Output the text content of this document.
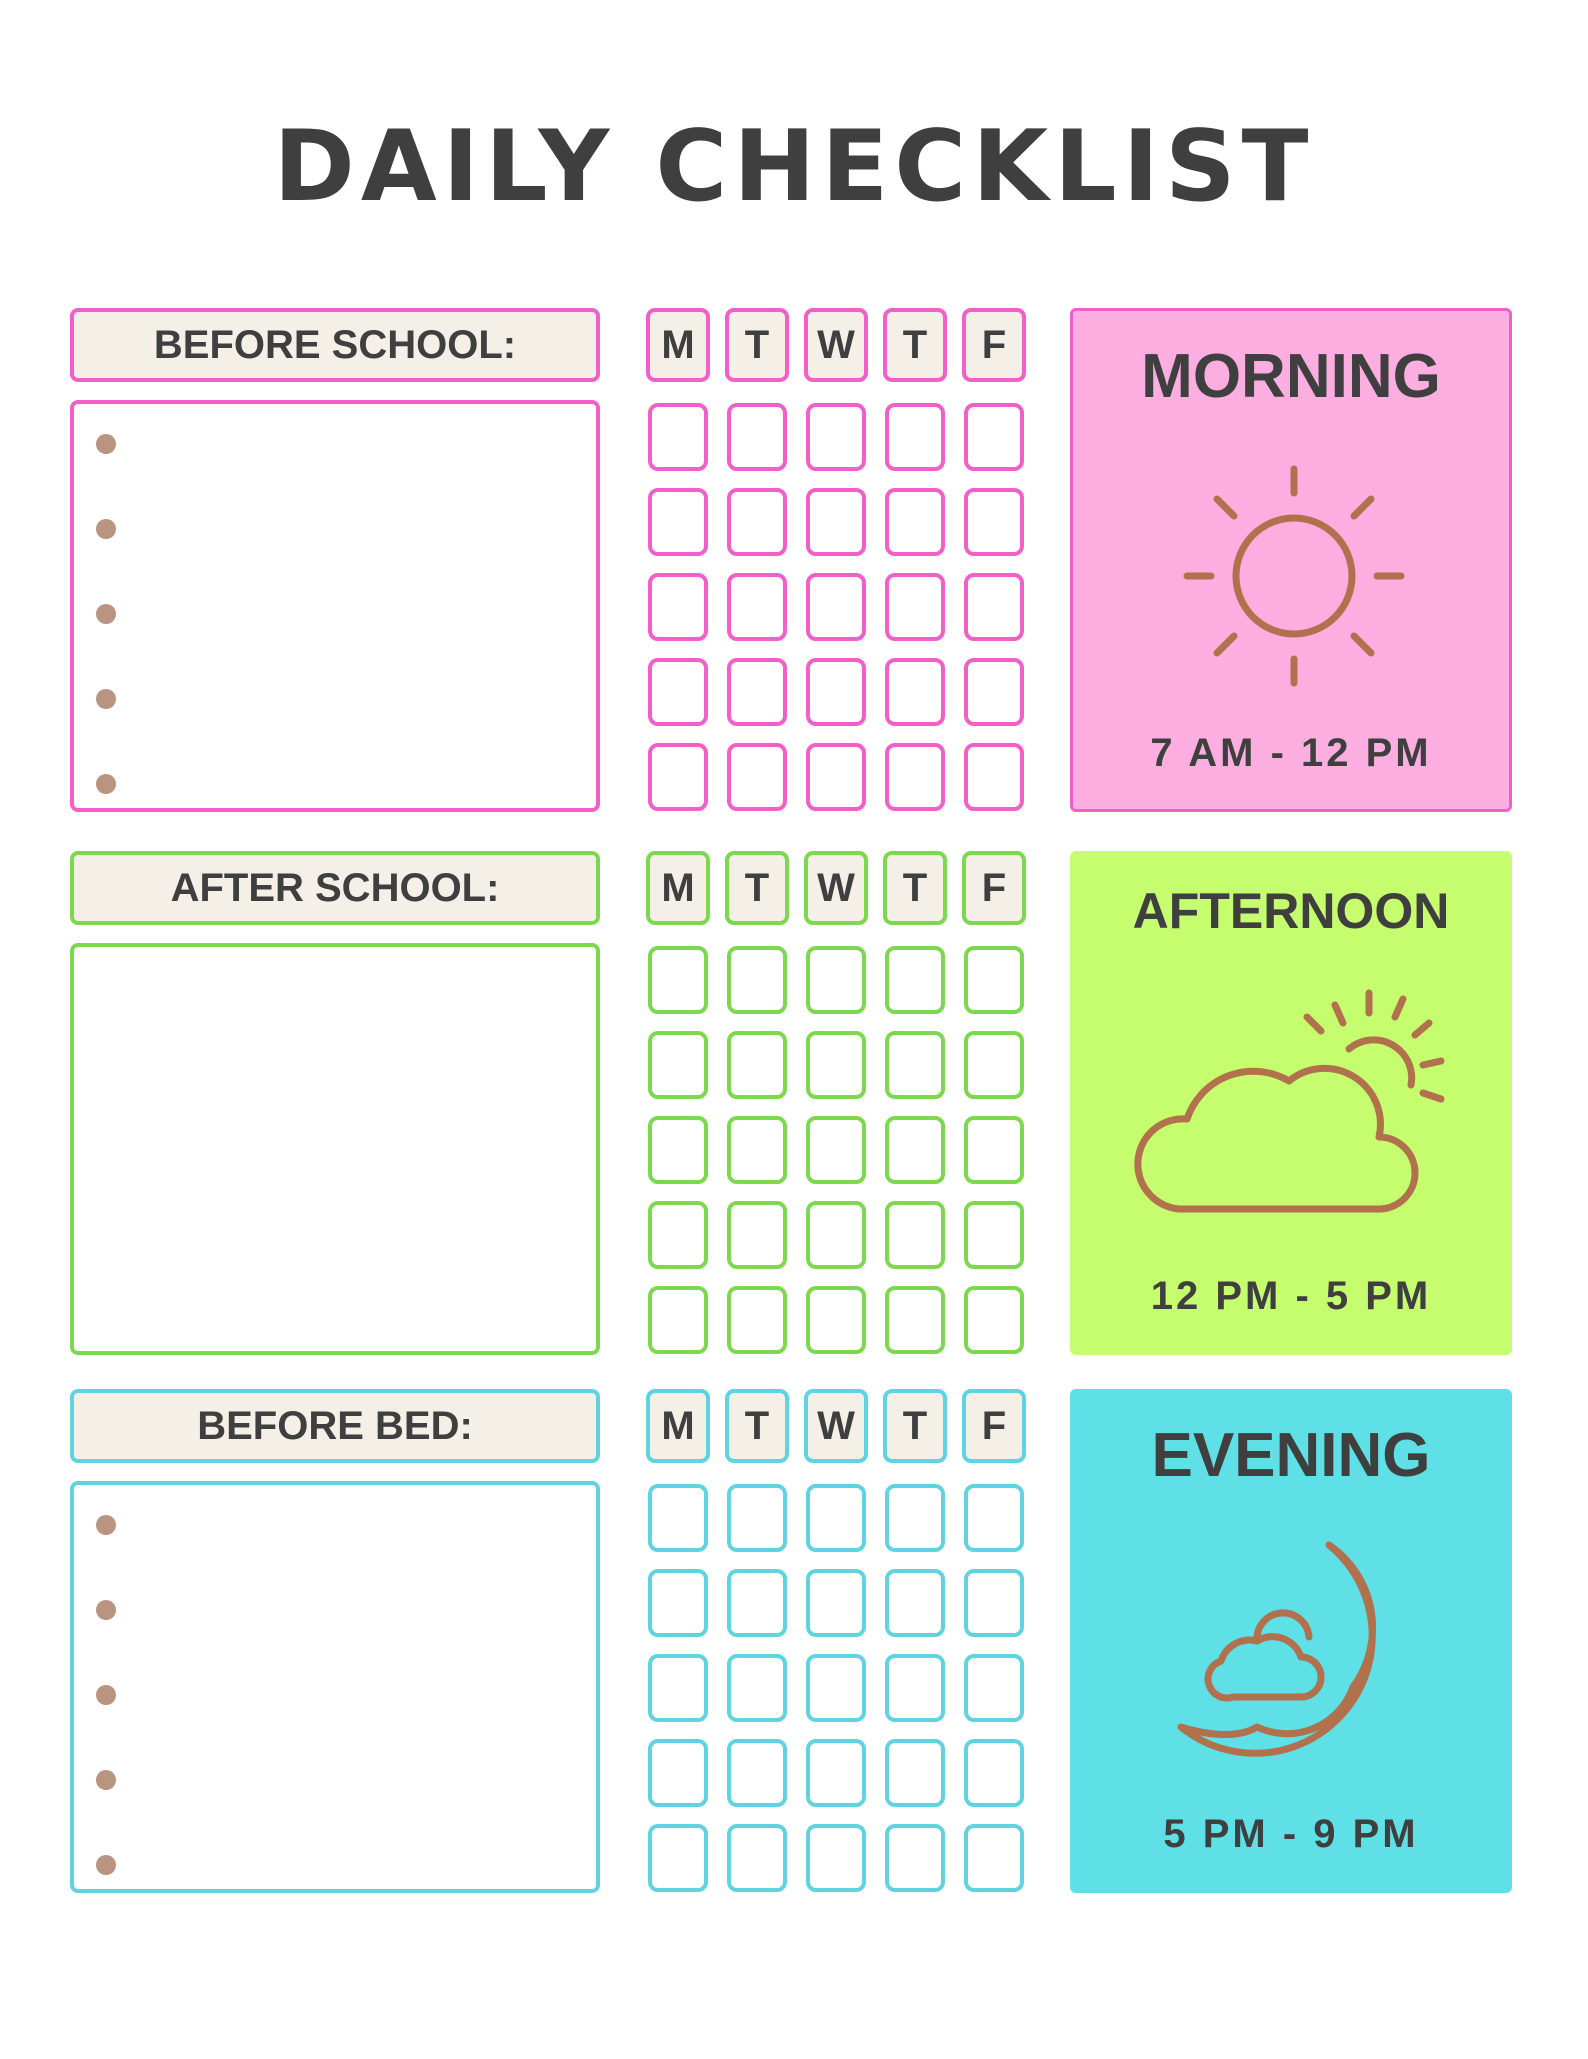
DAILY CHECKLIST
BEFORE SCHOOL:	M	T	W	T	F	MORNING
7 AM - 12 PM
AFTER SCHOOL:	M	T	W	T	F	AFTERNOON
12 PM - 5 PM
BEFORE BED:	M	T	W	T	F	EVENING
5 PM - 9 PM
